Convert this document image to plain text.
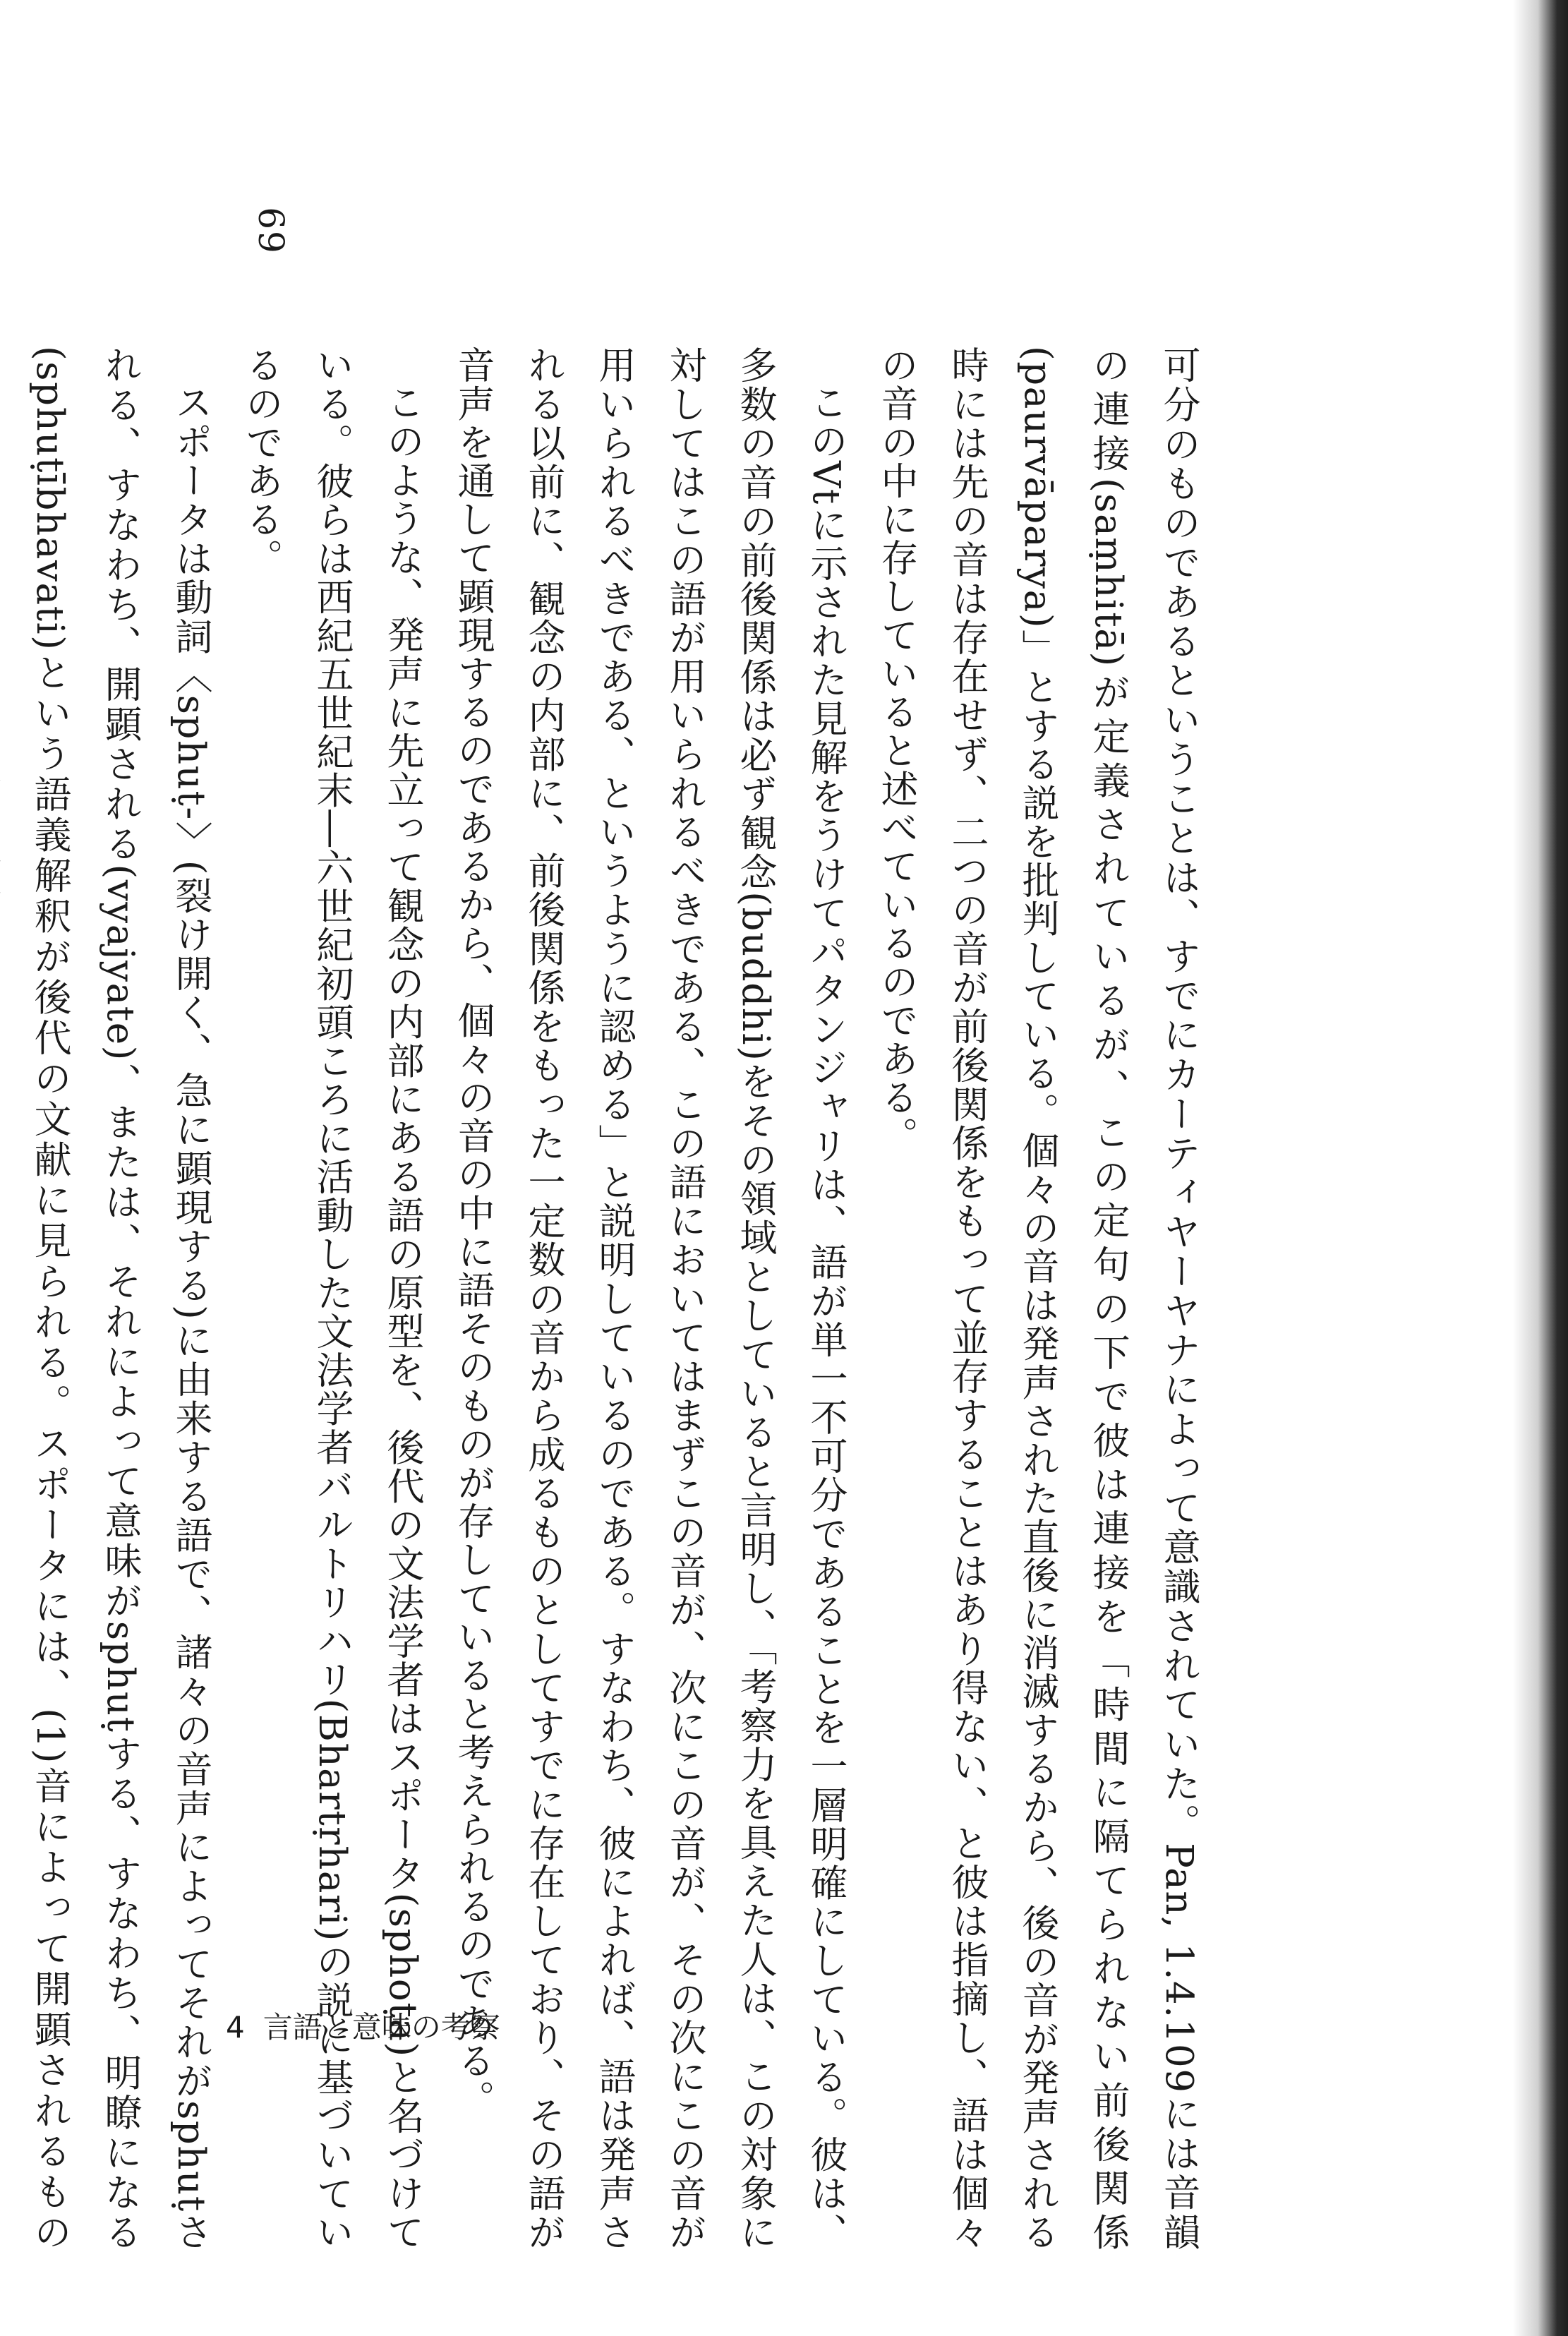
69

可分のものであるということは、すでにカーティヤーヤナによって意識されていた。Pan, 1.4.109には音韻の連接(saṃhitā)が定義されているが、この定句の下で彼は連接を「時間に隔てられない前後関係(paurvāparya)」とする説を批判している。個々の音は発声された直後に消滅するから、後の音が発声される時には先の音は存在せず、二つの音が前後関係をもって並存することはあり得ない、と彼は指摘し、語は個々の音の中に存していると述べているのである。

このVtに示された見解をうけてパタンジャリは、語が単一不可分であることを一層明確にしている。彼は、多数の音の前後関係は必ず観念(buddhi)をその領域としていると言明し、「考察力を具えた人は、この対象に対してはこの語が用いられるべきである、この語においてはまずこの音が、次にこの音が、その次にこの音が用いられるべきである、というように認める」と説明しているのである。すなわち、彼によれば、語は発声される以前に、観念の内部に、前後関係をもった一定数の音から成るものとしてすでに存在しており、その語が音声を通して顕現するのであるから、個々の音の中に語そのものが存していると考えられるのである。

このような、発声に先立って観念の内部にある語の原型を、後代の文法学者はスポータ(sphoṭa)と名づけている。彼らは西紀五世紀末―六世紀初頭ころに活動した文法学者バルトリハリ(Bhartṛhari)の説に基づいているのである。

スポータは動詞〈sphuṭ-〉(裂け開く、急に顕現する)に由来する語で、諸々の音声によってそれがsphuṭされる、すなわち、開顕される(vyajyate)、または、それによって意味がsphuṭする、すなわち、明瞭になる(sphuṭībhavati)という語義解釈が後代の文献に見られる。スポータには、(1)音によって開顕されるもの

4 言語と意味の考察
